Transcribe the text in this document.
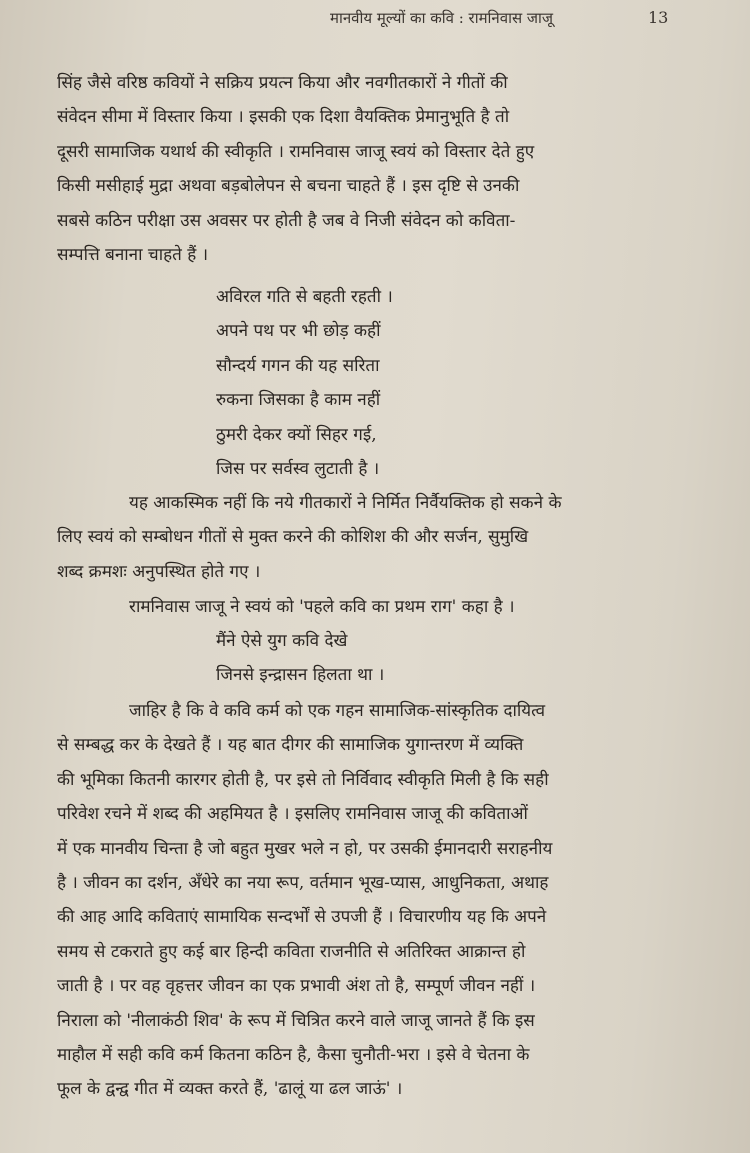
मानवीय मूल्यों का कवि : रामनिवास जाजू	13
सिंह जैसे वरिष्ठ कवियों ने सक्रिय प्रयत्न किया और नवगीतकारों ने गीतों की
संवेदन सीमा में विस्तार किया । इसकी एक दिशा वैयक्तिक प्रेमानुभूति है तो
दूसरी सामाजिक यथार्थ की स्वीकृति । रामनिवास जाजू स्वयं को विस्तार देते हुए
किसी मसीहाई मुद्रा अथवा बड़बोलेपन से बचना चाहते हैं । इस दृष्टि से उनकी
सबसे कठिन परीक्षा उस अवसर पर होती है जब वे निजी संवेदन को कविता-
सम्पत्ति बनाना चाहते हैं ।
अविरल गति से बहती रहती ।
अपने पथ पर भी छोड़ कहीं
सौन्दर्य गगन की यह सरिता
रुकना जिसका है काम नहीं
ठुमरी देकर क्यों सिहर गई,
जिस पर सर्वस्व लुटाती है ।
यह आकस्मिक नहीं कि नये गीतकारों ने निर्मित निर्वैयक्तिक हो सकने के
लिए स्वयं को सम्बोधन गीतों से मुक्त करने की कोशिश की और सर्जन, सुमुखि
शब्द क्रमशः अनुपस्थित होते गए ।
रामनिवास जाजू ने स्वयं को 'पहले कवि का प्रथम राग' कहा है ।
मैंने ऐसे युग कवि देखे
जिनसे इन्द्रासन हिलता था ।
जाहिर है कि वे कवि कर्म को एक गहन सामाजिक-सांस्कृतिक दायित्व
से सम्बद्ध कर के देखते हैं । यह बात दीगर की सामाजिक युगान्तरण में व्यक्ति
की भूमिका कितनी कारगर होती है, पर इसे तो निर्विवाद स्वीकृति मिली है कि सही
परिवेश रचने में शब्द की अहमियत है । इसलिए रामनिवास जाजू की कविताओं
में एक मानवीय चिन्ता है जो बहुत मुखर भले न हो, पर उसकी ईमानदारी सराहनीय
है । जीवन का दर्शन, अँधेरे का नया रूप, वर्तमान भूख-प्यास, आधुनिकता, अथाह
की आह आदि कविताएं सामायिक सन्दर्भों से उपजी हैं । विचारणीय यह कि अपने
समय से टकराते हुए कई बार हिन्दी कविता राजनीति से अतिरिक्त आक्रान्त हो
जाती है । पर वह वृहत्तर जीवन का एक प्रभावी अंश तो है, सम्पूर्ण जीवन नहीं ।
निराला को 'नीलाकंठी शिव' के रूप में चित्रित करने वाले जाजू जानते हैं कि इस
माहौल में सही कवि कर्म कितना कठिन है, कैसा चुनौती-भरा । इसे वे चेतना के
फूल के द्वन्द्व गीत में व्यक्त करते हैं, 'ढालूं या ढल जाऊं' ।
